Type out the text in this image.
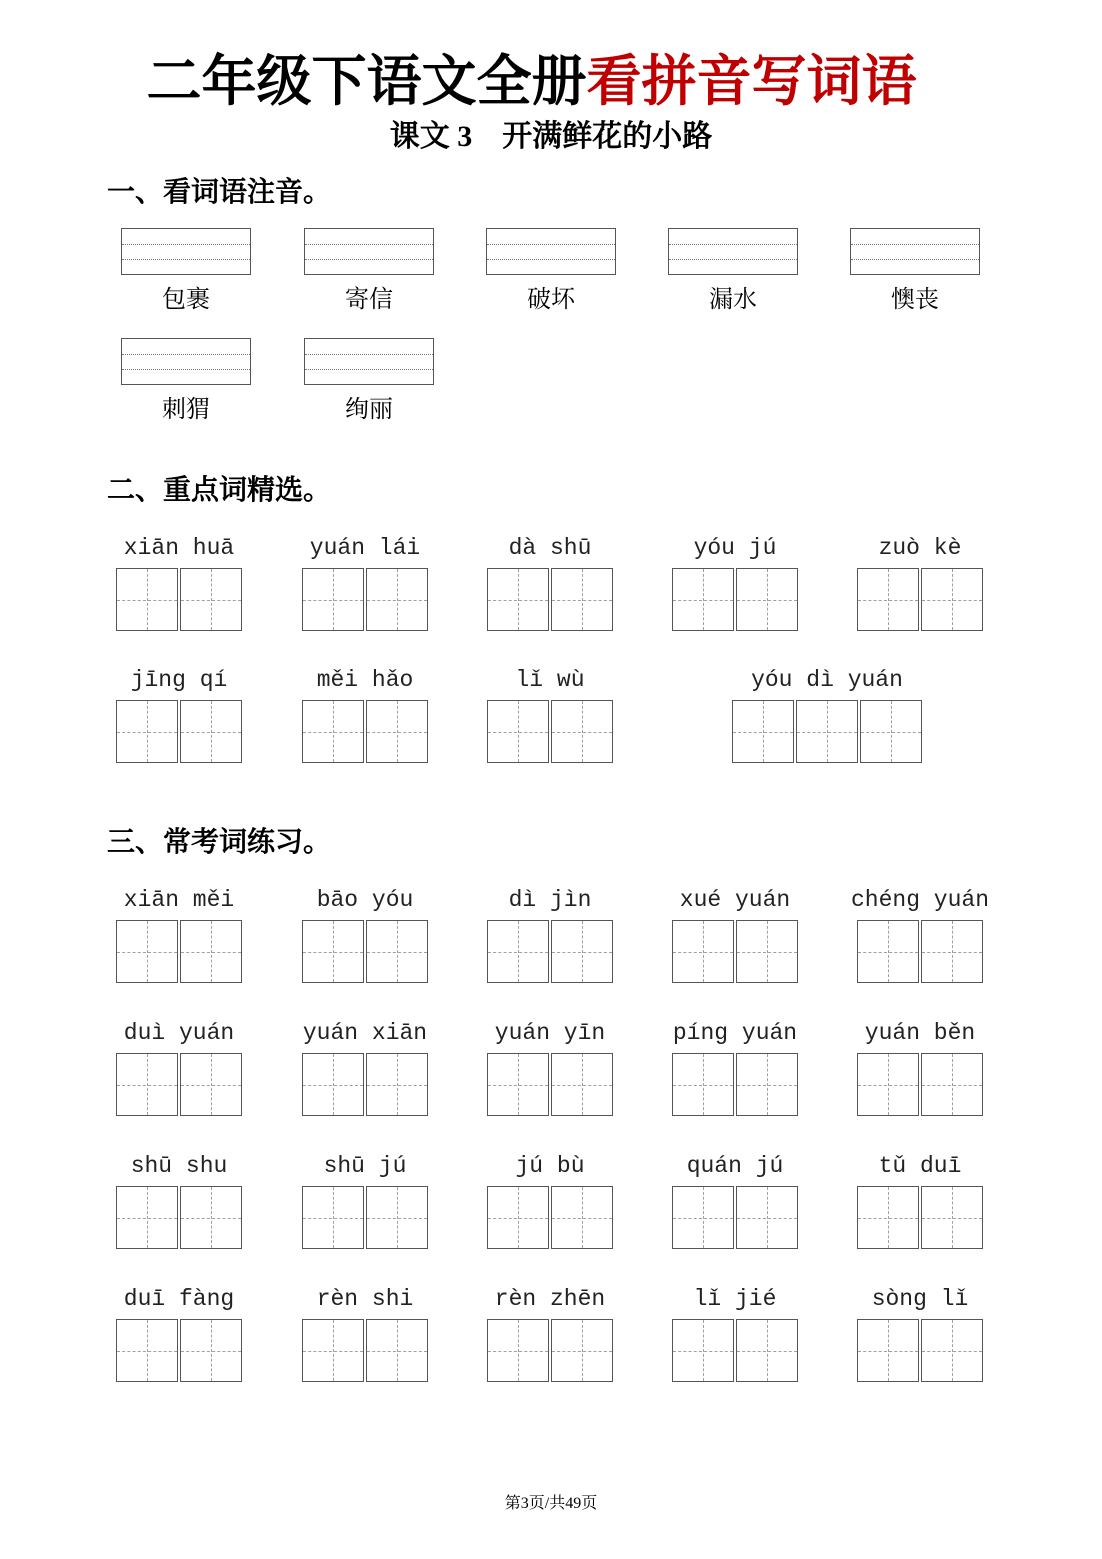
二年级下语文全册 看拼音写词语
课文 3　开满鲜花的小路
一、看词语注音。
包裹	寄信	破坏	漏水	懊丧
刺猬	绚丽
二、重点词精选。
xiān huā	yuán lái	dà shū	yóu jú	zuò kè
jīng qí	měi hǎo	lǐ wù	yóu dì yuán
三、常考词练习。
xiān měi	bāo yóu	dì jìn	xué yuán	chéng yuán
duì yuán	yuán xiān	yuán yīn	píng yuán	yuán běn
shū shu	shū jú	jú bù	quán jú	tǔ duī
duī fàng	rèn shi	rèn zhēn	lǐ jié	sòng lǐ
第3页/共49页
